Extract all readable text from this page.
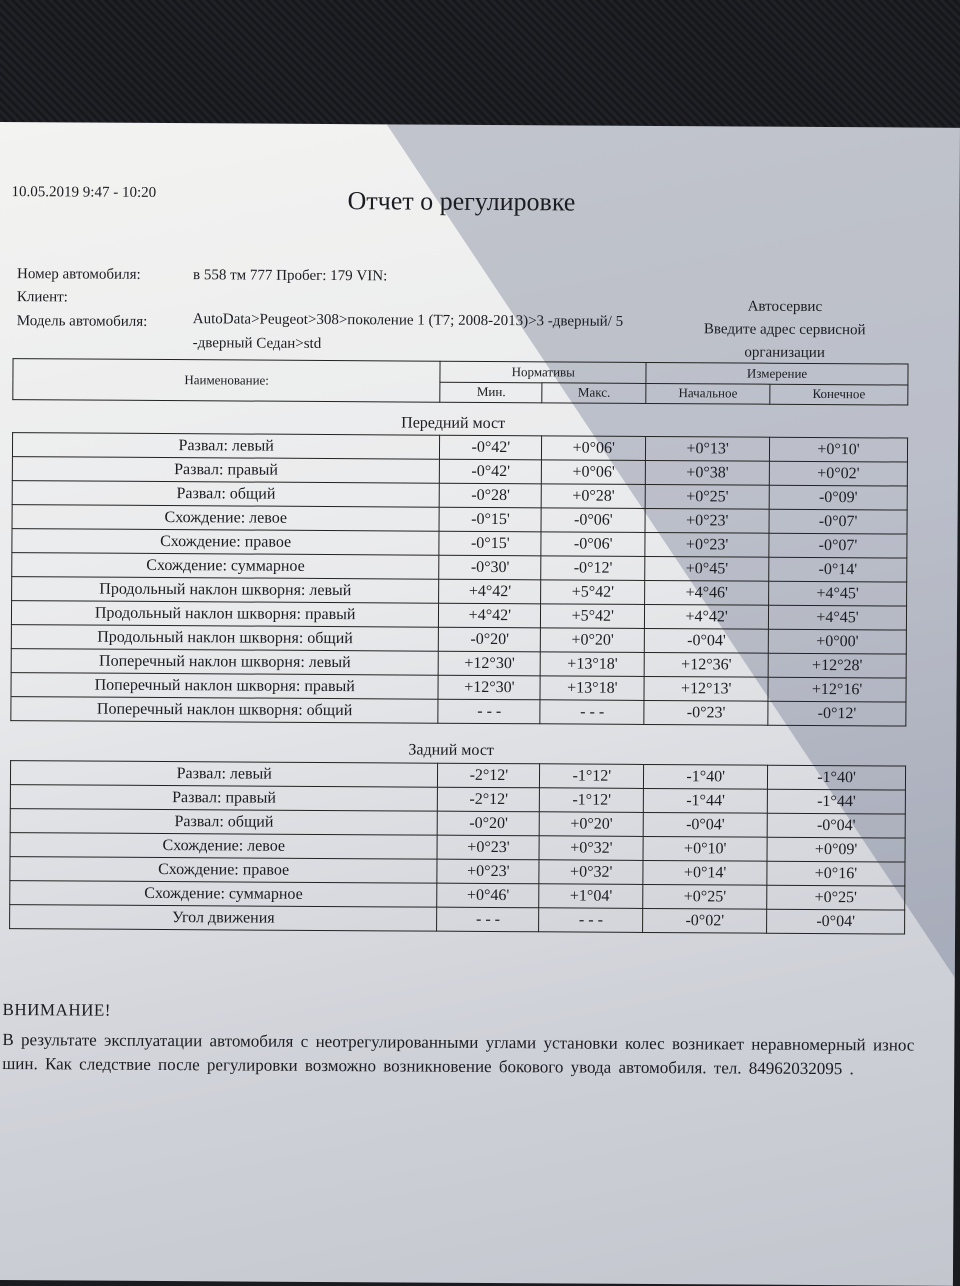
10.05.2019 9:47 - 10:20	Отчет о регулировке
Номер автомобиля:	в 558 тм 777 Пробег: 179 VIN:
Клиент:
Модель автомобиля:	AutoData>Peugeot>308>поколение 1 (T7; 2008-2013)>3 -дверный/ 5
-дверный Седан>std
Автосервис
Введите адрес сервисной
организации
Наименование:	Нормативы		Измерение	
	Мин.	Макс.	Начальное	Конечное
Передний мост
Развал: левый	-0°42'	+0°06'	+0°13'	+0°10'
Развал: правый	-0°42'	+0°06'	+0°38'	+0°02'
Развал: общий	-0°28'	+0°28'	+0°25'	-0°09'
Схождение: левое	-0°15'	-0°06'	+0°23'	-0°07'
Схождение: правое	-0°15'	-0°06'	+0°23'	-0°07'
Схождение: суммарное	-0°30'	-0°12'	+0°45'	-0°14'
Продольный наклон шкворня: левый	+4°42'	+5°42'	+4°46'	+4°45'
Продольный наклон шкворня: правый	+4°42'	+5°42'	+4°42'	+4°45'
Продольный наклон шкворня: общий	-0°20'	+0°20'	-0°04'	+0°00'
Поперечный наклон шкворня: левый	+12°30'	+13°18'	+12°36'	+12°28'
Поперечный наклон шкворня: правый	+12°30'	+13°18'	+12°13'	+12°16'
Поперечный наклон шкворня: общий	- - -	- - -	-0°23'	-0°12'
Задний мост
Развал: левый	-2°12'	-1°12'	-1°40'	-1°40'
Развал: правый	-2°12'	-1°12'	-1°44'	-1°44'
Развал: общий	-0°20'	+0°20'	-0°04'	-0°04'
Схождение: левое	+0°23'	+0°32'	+0°10'	+0°09'
Схождение: правое	+0°23'	+0°32'	+0°14'	+0°16'
Схождение: суммарное	+0°46'	+1°04'	+0°25'	+0°25'
Угол движения	- - -	- - -	-0°02'	-0°04'
ВНИМАНИЕ!
В результате эксплуатации автомобиля с неотрегулированными углами установки колес возникает неравномерный износ шин. Как следствие после регулировки возможно возникновение бокового увода автомобиля. тел. 84962032095 .
